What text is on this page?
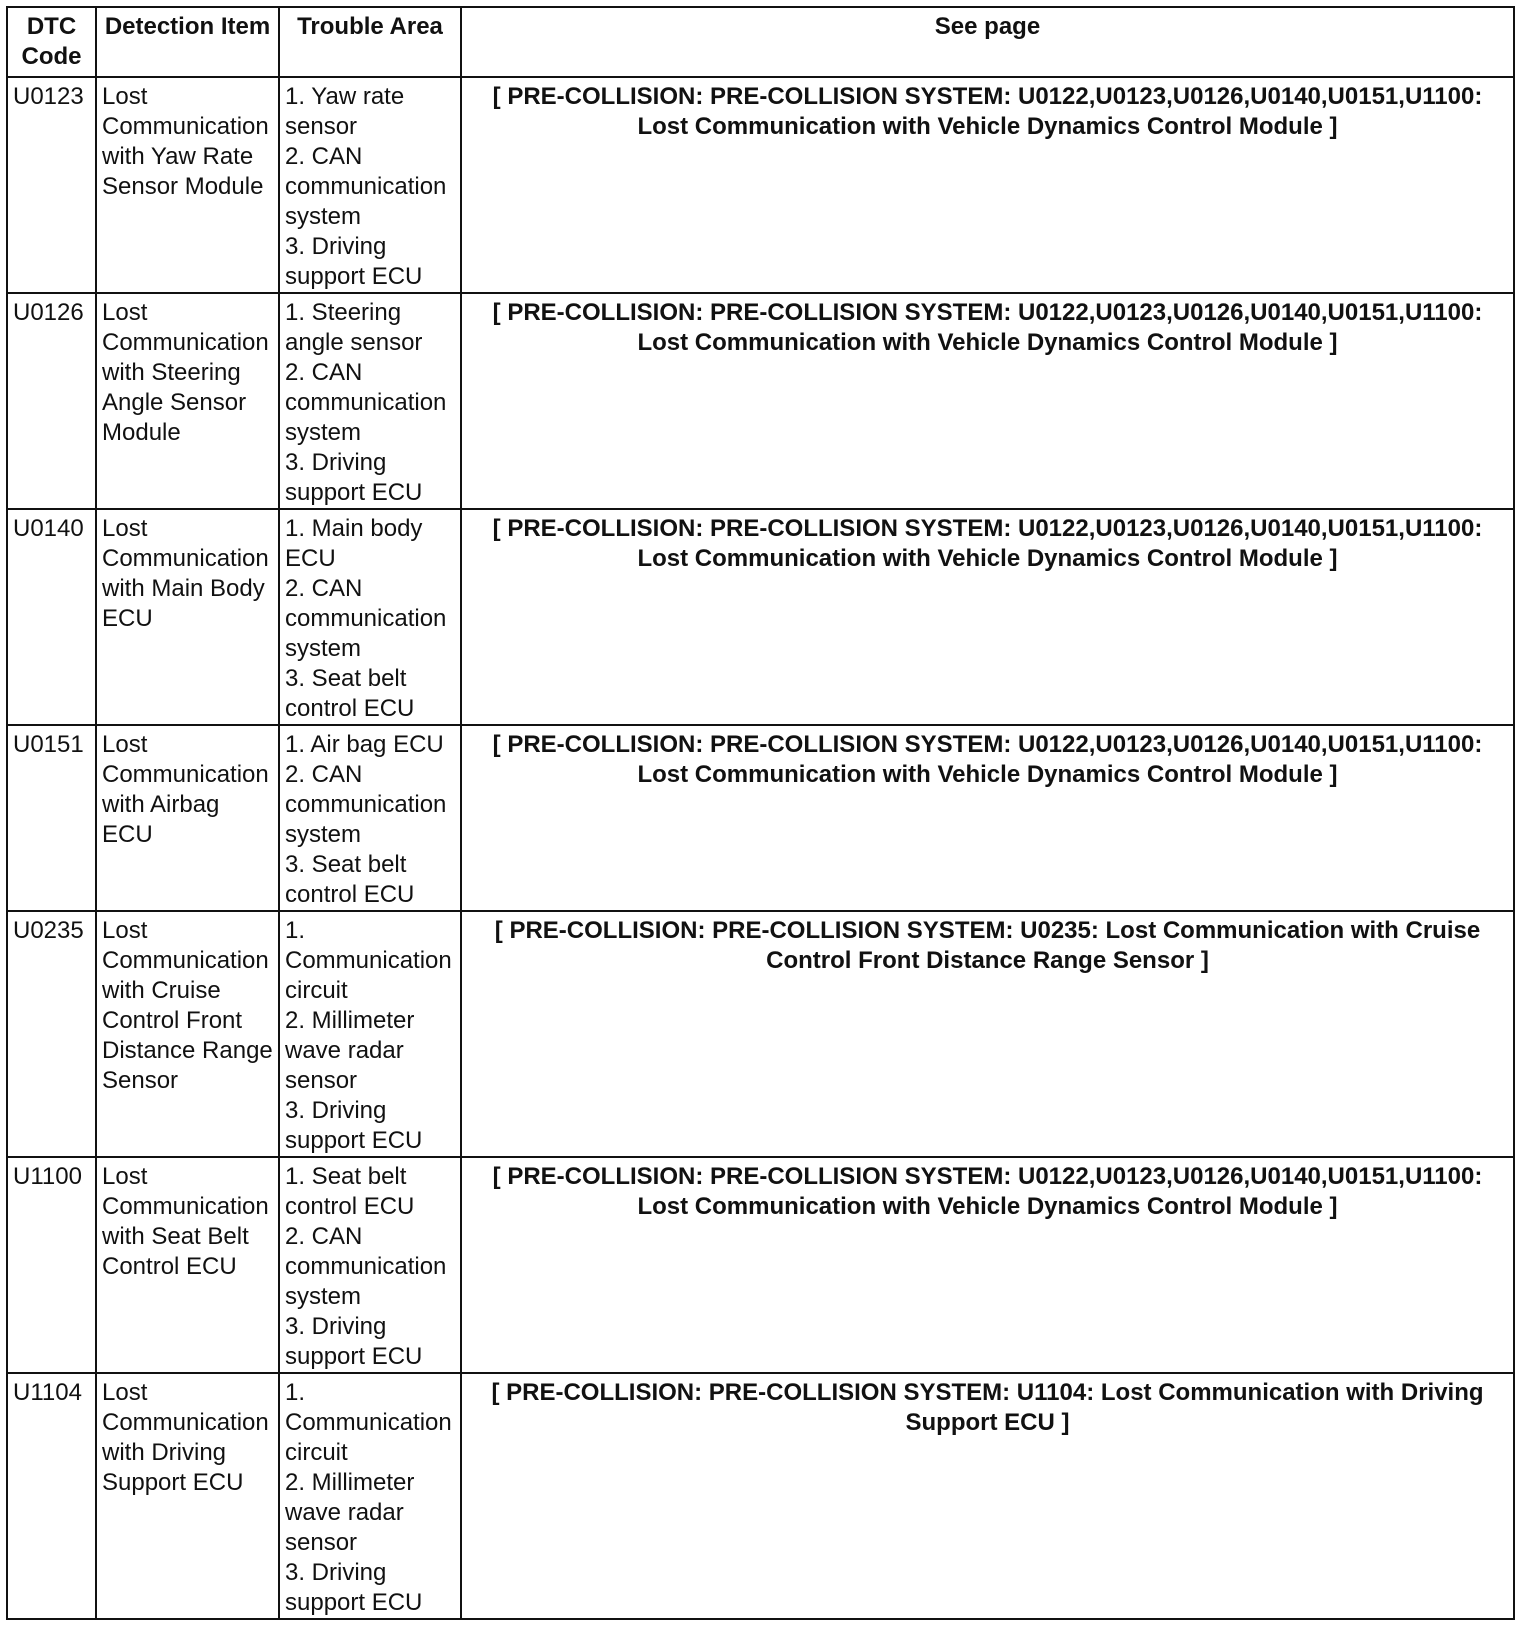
DTC Code	Detection Item	Trouble Area	See page
U0123	Lost Communication with Yaw Rate Sensor Module	1. Yaw rate sensor
2. CAN communication system
3. Driving support ECU	[ PRE-COLLISION: PRE-COLLISION SYSTEM: U0122,U0123,U0126,U0140,U0151,U1100: Lost Communication with Vehicle Dynamics Control Module ]
U0126	Lost Communication with Steering Angle Sensor Module	1. Steering angle sensor
2. CAN communication system
3. Driving support ECU	[ PRE-COLLISION: PRE-COLLISION SYSTEM: U0122,U0123,U0126,U0140,U0151,U1100: Lost Communication with Vehicle Dynamics Control Module ]
U0140	Lost Communication with Main Body ECU	1. Main body ECU
2. CAN communication system
3. Seat belt control ECU	[ PRE-COLLISION: PRE-COLLISION SYSTEM: U0122,U0123,U0126,U0140,U0151,U1100: Lost Communication with Vehicle Dynamics Control Module ]
U0151	Lost Communication with Airbag ECU	1. Air bag ECU
2. CAN communication system
3. Seat belt control ECU	[ PRE-COLLISION: PRE-COLLISION SYSTEM: U0122,U0123,U0126,U0140,U0151,U1100: Lost Communication with Vehicle Dynamics Control Module ]
U0235	Lost Communication with Cruise Control Front Distance Range Sensor	1. Communication circuit
2. Millimeter wave radar sensor
3. Driving support ECU	[ PRE-COLLISION: PRE-COLLISION SYSTEM: U0235: Lost Communication with Cruise Control Front Distance Range Sensor ]
U1100	Lost Communication with Seat Belt Control ECU	1. Seat belt control ECU
2. CAN communication system
3. Driving support ECU	[ PRE-COLLISION: PRE-COLLISION SYSTEM: U0122,U0123,U0126,U0140,U0151,U1100: Lost Communication with Vehicle Dynamics Control Module ]
U1104	Lost Communication with Driving Support ECU	1. Communication circuit
2. Millimeter wave radar sensor
3. Driving support ECU	[ PRE-COLLISION: PRE-COLLISION SYSTEM: U1104: Lost Communication with Driving Support ECU ]
